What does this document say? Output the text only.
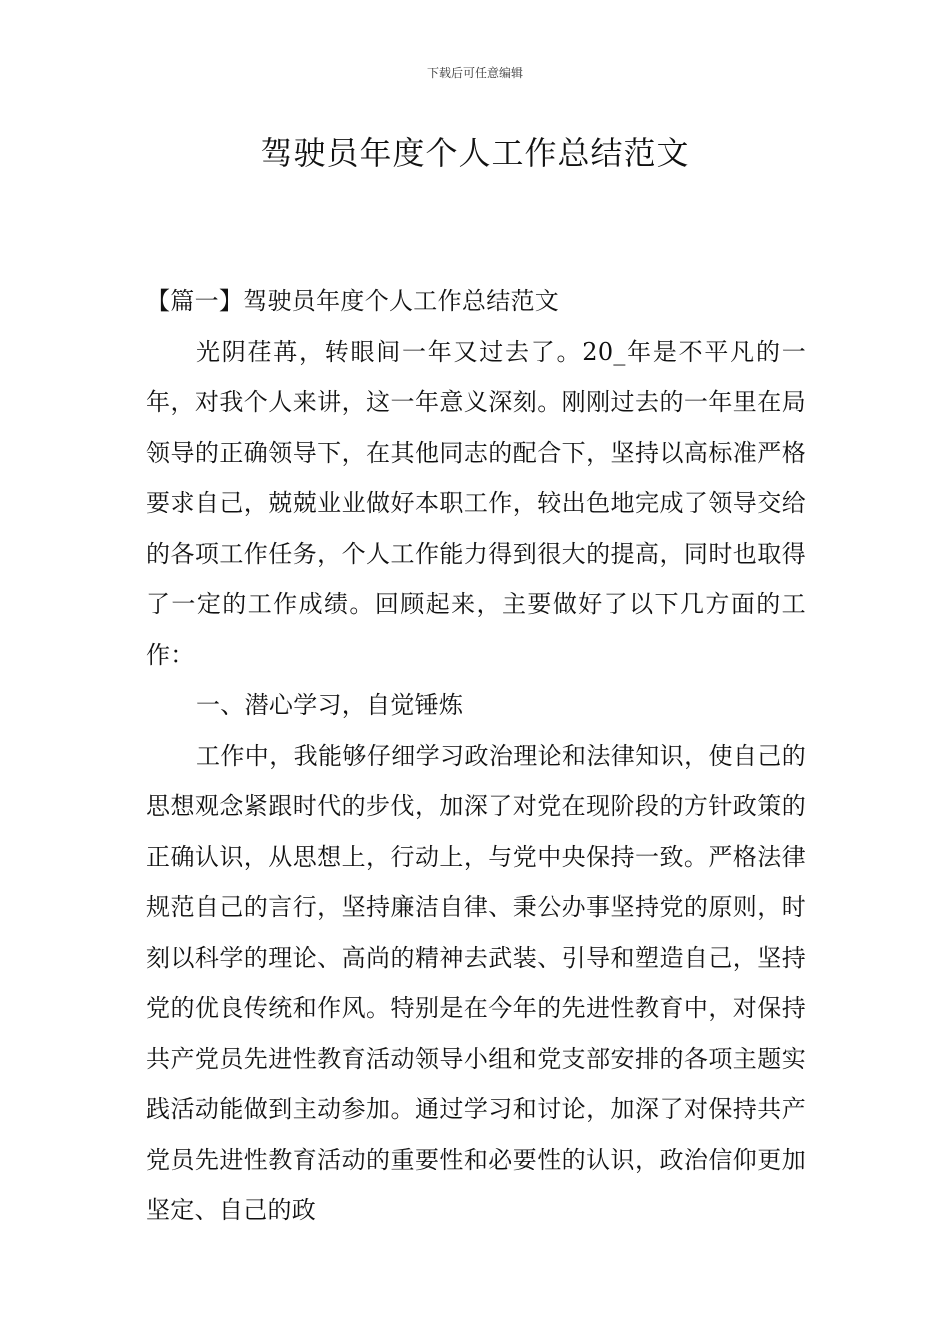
下载后可任意编辑
驾驶员年度个人工作总结范文

【篇一】驾驶员年度个人工作总结范文

光阴荏苒，转眼间一年又过去了。20_年是不平凡的一年，对我个人来讲，这一年意义深刻。刚刚过去的一年里在局领导的正确领导下，在其他同志的配合下，坚持以高标准严格要求自己，兢兢业业做好本职工作，较出色地完成了领导交给的各项工作任务，个人工作能力得到很大的提高，同时也取得了一定的工作成绩。回顾起来，主要做好了以下几方面的工作：

一、潜心学习，自觉锤炼

工作中，我能够仔细学习政治理论和法律知识，使自己的思想观念紧跟时代的步伐，加深了对党在现阶段的方针政策的正确认识，从思想上，行动上，与党中央保持一致。严格法律规范自己的言行，坚持廉洁自律、秉公办事坚持党的原则，时刻以科学的理论、高尚的精神去武装、引导和塑造自己，坚持党的优良传统和作风。特别是在今年的先进性教育中，对保持共产党员先进性教育活动领导小组和党支部安排的各项主题实践活动能做到主动参加。通过学习和讨论，加深了对保持共产党员先进性教育活动的重要性和必要性的认识，政治信仰更加坚定、自己的政
